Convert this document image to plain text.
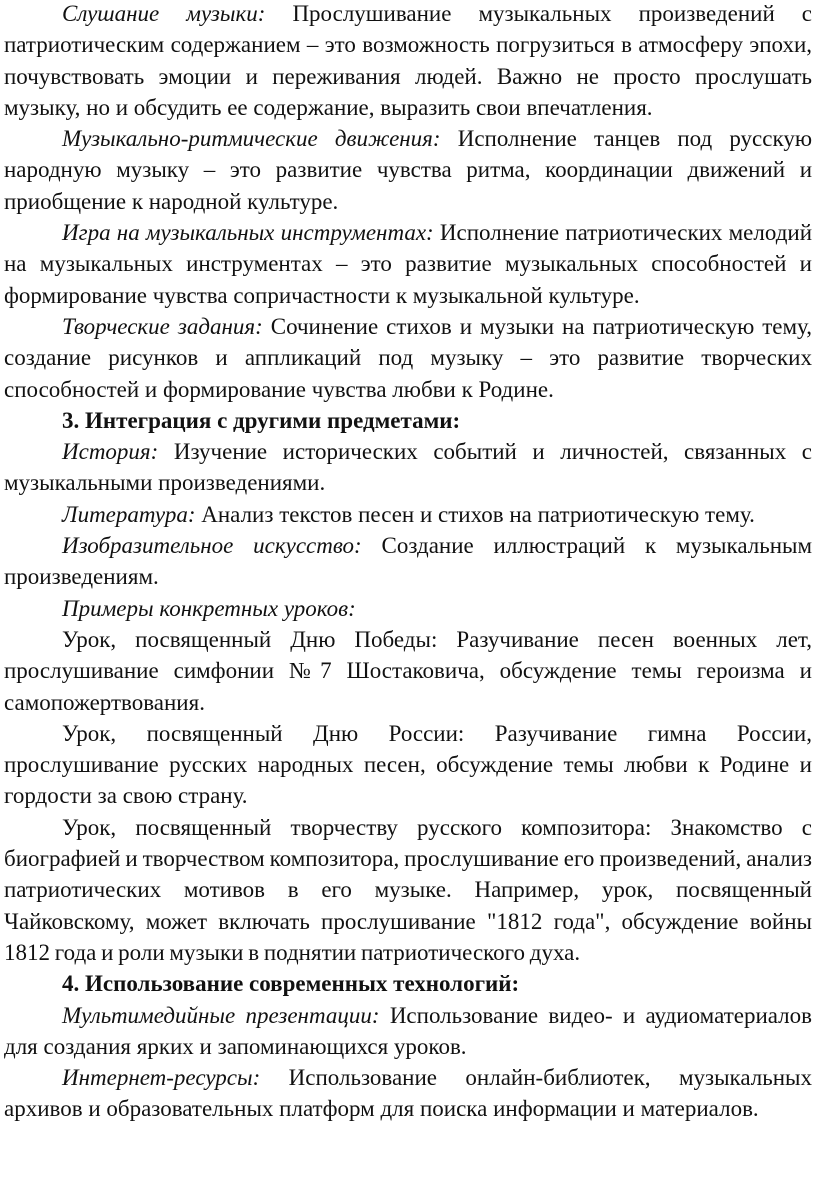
Слушание музыки: Прослушивание музыкальных произведений с патриотическим содержанием – это возможность погрузиться в атмосферу эпохи, почувствовать эмоции и переживания людей. Важно не просто прослушать музыку, но и обсудить ее содержание, выразить свои впечатления.

Музыкально-ритмические движения: Исполнение танцев под русскую народную музыку – это развитие чувства ритма, координации движений и приобщение к народной культуре.

Игра на музыкальных инструментах: Исполнение патриотических мелодий на музыкальных инструментах – это развитие музыкальных способностей и формирование чувства сопричастности к музыкальной культуре.

Творческие задания: Сочинение стихов и музыки на патриотическую тему, создание рисунков и аппликаций под музыку – это развитие творческих способностей и формирование чувства любви к Родине.

3. Интеграция с другими предметами:

История: Изучение исторических событий и личностей, связанных с музыкальными произведениями.

Литература: Анализ текстов песен и стихов на патриотическую тему.

Изобразительное искусство: Создание иллюстраций к музыкальным произведениям.

Примеры конкретных уроков:

Урок, посвященный Дню Победы: Разучивание песен военных лет, прослушивание симфонии №7 Шостаковича, обсуждение темы героизма и самопожертвования.

Урок, посвященный Дню России: Разучивание гимна России, прослушивание русских народных песен, обсуждение темы любви к Родине и гордости за свою страну.

Урок, посвященный творчеству русского композитора: Знакомство с биографией и творчеством композитора, прослушивание его произведений, анализ патриотических мотивов в его музыке. Например, урок, посвященный Чайковскому, может включать прослушивание "1812 года", обсуждение войны 1812 года и роли музыки в поднятии патриотического духа.

4. Использование современных технологий:

Мультимедийные презентации: Использование видео- и аудиоматериалов для создания ярких и запоминающихся уроков.

Интернет-ресурсы: Использование онлайн-библиотек, музыкальных архивов и образовательных платформ для поиска информации и материалов.
